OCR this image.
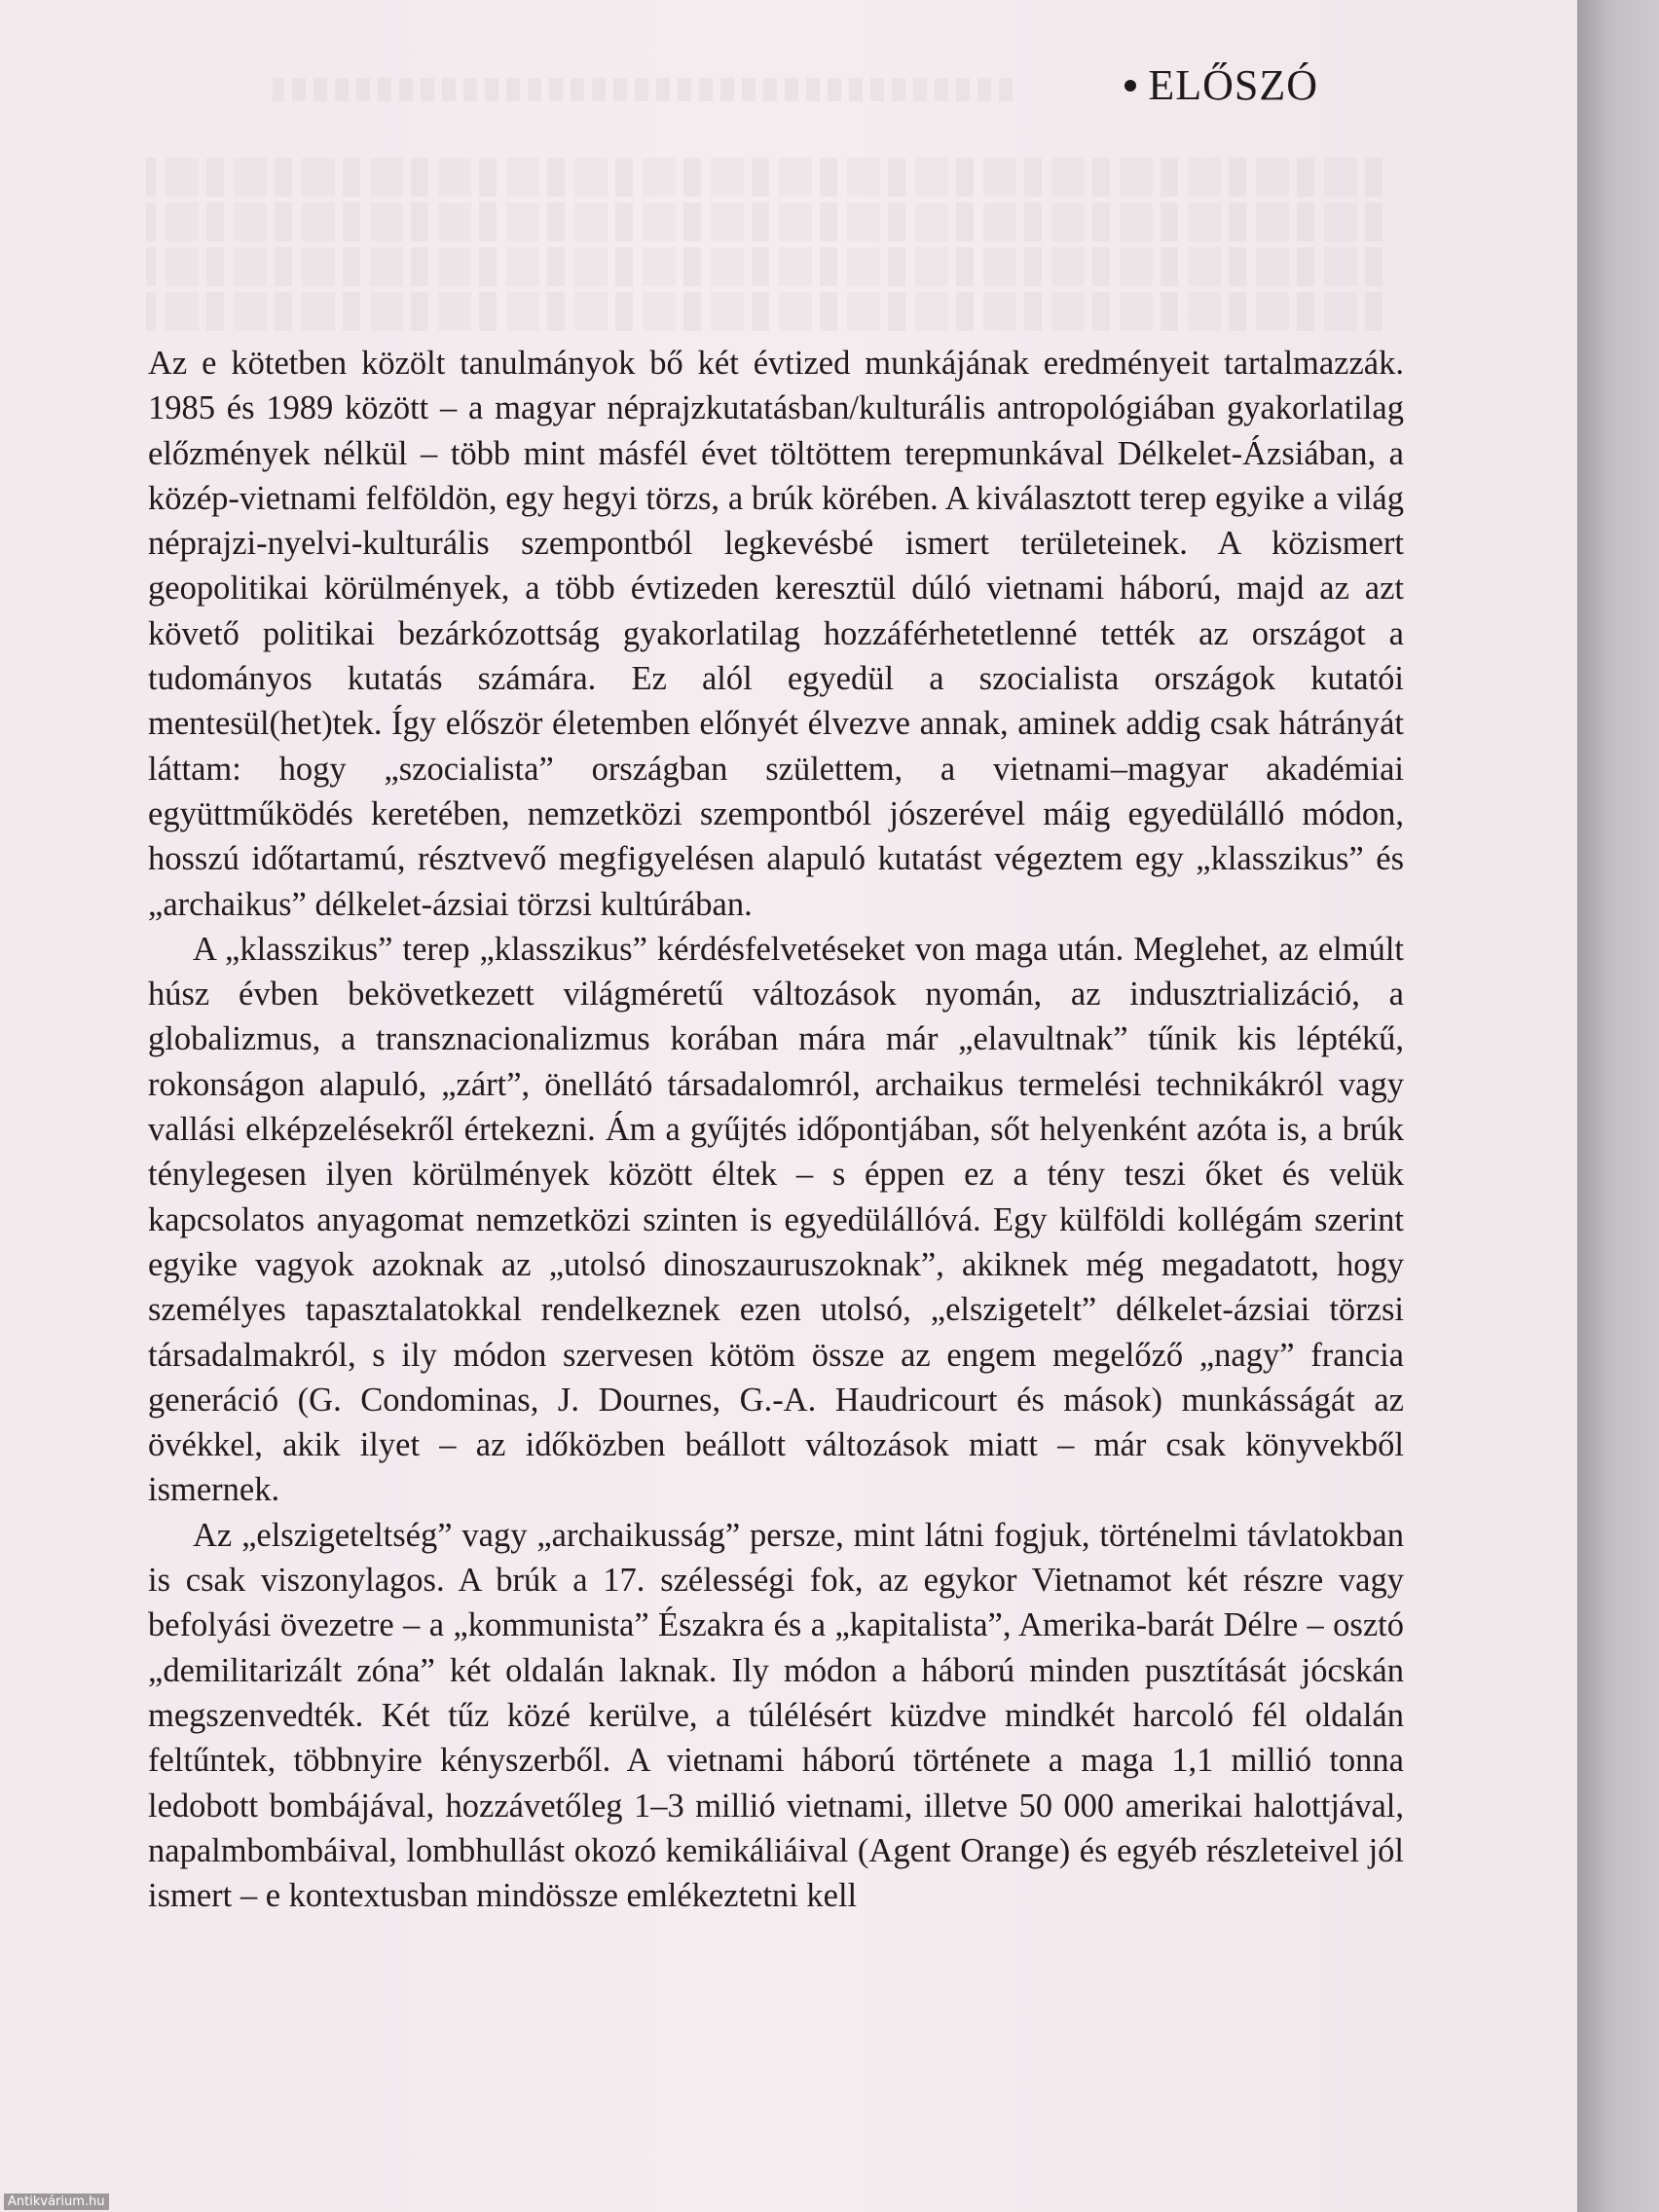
ELŐSZÓ

Az e kötetben közölt tanulmányok bő két évtized munkájának eredményeit tartalmazzák. 1985 és 1989 között – a magyar néprajzkutatásban/kulturális antropológiában gyakorlatilag előzmények nélkül – több mint másfél évet töltöttem terepmunkával Délkelet-Ázsiában, a közép-vietnami felföldön, egy hegyi törzs, a brúk körében. A kiválasztott terep egyike a világ néprajzi-nyelvi-kulturális szempontból legkevésbé ismert területeinek. A közismert geopolitikai körülmények, a több évtizeden keresztül dúló vietnami háború, majd az azt követő politikai bezárkózottság gyakorlatilag hozzáférhetetlenné tették az országot a tudományos kutatás számára. Ez alól egyedül a szocialista országok kutatói mentesül(het)tek. Így először életemben előnyét élvezve annak, aminek addig csak hátrányát láttam: hogy „szocialista” országban születtem, a vietnami–magyar akadémiai együttműködés keretében, nemzetközi szempontból jószerével máig egyedülálló módon, hosszú időtartamú, résztvevő megfigyelésen alapuló kutatást végeztem egy „klasszikus” és „archaikus” délkelet-ázsiai törzsi kultúrában.

A „klasszikus” terep „klasszikus” kérdésfelvetéseket von maga után. Meglehet, az elmúlt húsz évben bekövetkezett világméretű változások nyomán, az indusztrializáció, a globalizmus, a transznacionalizmus korában mára már „elavultnak” tűnik kis léptékű, rokonságon alapuló, „zárt”, önellátó társadalomról, archaikus termelési technikákról vagy vallási elképzelésekről értekezni. Ám a gyűjtés időpontjában, sőt helyenként azóta is, a brúk ténylegesen ilyen körülmények között éltek – s éppen ez a tény teszi őket és velük kapcsolatos anyagomat nemzetközi szinten is egyedülállóvá. Egy külföldi kollégám szerint egyike vagyok azoknak az „utolsó dinoszauruszoknak”, akiknek még megadatott, hogy személyes tapasztalatokkal rendelkeznek ezen utolsó, „elszigetelt” délkelet-ázsiai törzsi társadalmakról, s ily módon szervesen kötöm össze az engem megelőző „nagy” francia generáció (G. Condominas, J. Dournes, G.-A. Haudricourt és mások) munkásságát az övékkel, akik ilyet – az időközben beállott változások miatt – már csak könyvekből ismernek.

Az „elszigeteltség” vagy „archaikusság” persze, mint látni fogjuk, történelmi távlatokban is csak viszonylagos. A brúk a 17. szélességi fok, az egykor Vietnamot két részre vagy befolyási övezetre – a „kommunista” Északra és a „kapitalista”, Amerika-barát Délre – osztó „demilitarizált zóna” két oldalán laknak. Ily módon a háború minden pusztítását jócskán megszenvedték. Két tűz közé kerülve, a túlélésért küzdve mindkét harcoló fél oldalán feltűntek, többnyire kényszerből. A vietnami háború története a maga 1,1 millió tonna ledobott bombájával, hozzávetőleg 1–3 millió vietnami, illetve 50 000 amerikai halottjával, napalmbombáival, lombhullást okozó kemikáliáival (Agent Orange) és egyéb részleteivel jól ismert – e kontextusban mindössze emlékeztetni kell

Antikvárium.hu
